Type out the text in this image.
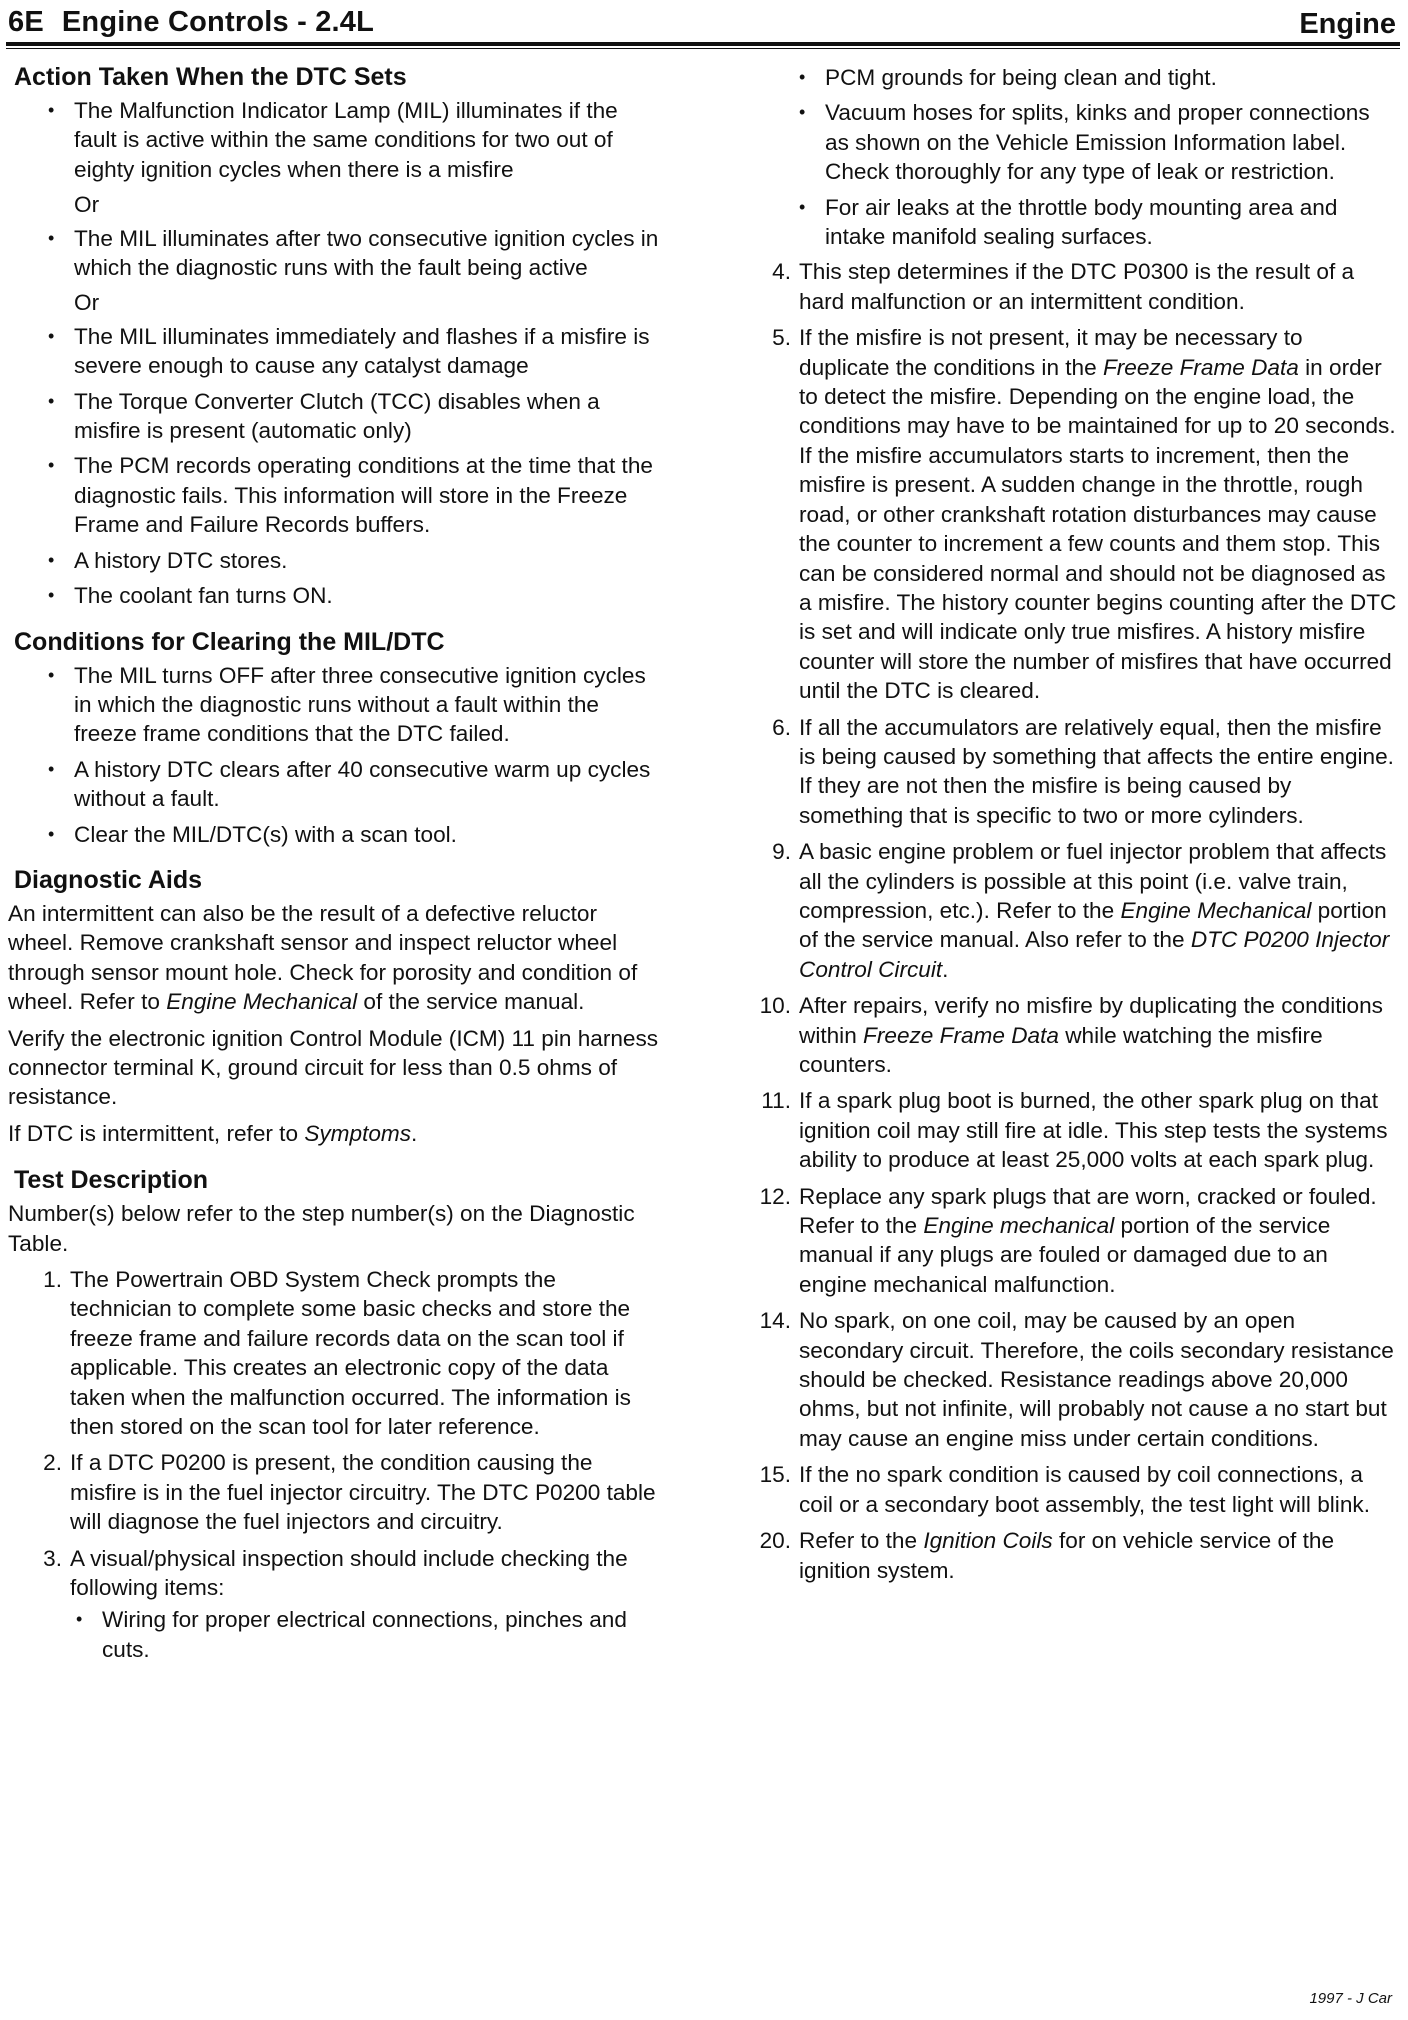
6E Engine Controls - 2.4L	Engine
Action Taken When the DTC Sets
• The Malfunction Indicator Lamp (MIL) illuminates if the fault is active within the same conditions for two out of eighty ignition cycles when there is a misfire
Or
• The MIL illuminates after two consecutive ignition cycles in which the diagnostic runs with the fault being active
Or
• The MIL illuminates immediately and flashes if a misfire is severe enough to cause any catalyst damage
• The Torque Converter Clutch (TCC) disables when a misfire is present (automatic only)
• The PCM records operating conditions at the time that the diagnostic fails. This information will store in the Freeze Frame and Failure Records buffers.
• A history DTC stores.
• The coolant fan turns ON.
Conditions for Clearing the MIL/DTC
• The MIL turns OFF after three consecutive ignition cycles in which the diagnostic runs without a fault within the freeze frame conditions that the DTC failed.
• A history DTC clears after 40 consecutive warm up cycles without a fault.
• Clear the MIL/DTC(s) with a scan tool.
Diagnostic Aids

An intermittent can also be the result of a defective reluctor wheel. Remove crankshaft sensor and inspect reluctor wheel through sensor mount hole. Check for porosity and condition of wheel. Refer to Engine Mechanical of the service manual.

Verify the electronic ignition Control Module (ICM) 11 pin harness connector terminal K, ground circuit for less than 0.5 ohms of resistance.

If DTC is intermittent, refer to Symptoms.

Test Description

Number(s) below refer to the step number(s) on the Diagnostic Table.

1. The Powertrain OBD System Check prompts the technician to complete some basic checks and store the freeze frame and failure records data on the scan tool if applicable. This creates an electronic copy of the data taken when the malfunction occurred. The information is then stored on the scan tool for later reference.
2. If a DTC P0200 is present, the condition causing the misfire is in the fuel injector circuitry. The DTC P0200 table will diagnose the fuel injectors and circuitry.
3. A visual/physical inspection should include checking the following items:
• Wiring for proper electrical connections, pinches and cuts.
• PCM grounds for being clean and tight.
• Vacuum hoses for splits, kinks and proper connections as shown on the Vehicle Emission Information label. Check thoroughly for any type of leak or restriction.
• For air leaks at the throttle body mounting area and intake manifold sealing surfaces.
4. This step determines if the DTC P0300 is the result of a hard malfunction or an intermittent condition.
5. If the misfire is not present, it may be necessary to duplicate the conditions in the Freeze Frame Data in order to detect the misfire. Depending on the engine load, the conditions may have to be maintained for up to 20 seconds. If the misfire accumulators starts to increment, then the misfire is present. A sudden change in the throttle, rough road, or other crankshaft rotation disturbances may cause the counter to increment a few counts and them stop. This can be considered normal and should not be diagnosed as a misfire. The history counter begins counting after the DTC is set and will indicate only true misfires. A history misfire counter will store the number of misfires that have occurred until the DTC is cleared.
6. If all the accumulators are relatively equal, then the misfire is being caused by something that affects the entire engine. If they are not then the misfire is being caused by something that is specific to two or more cylinders.
9. A basic engine problem or fuel injector problem that affects all the cylinders is possible at this point (i.e. valve train, compression, etc.). Refer to the Engine Mechanical portion of the service manual. Also refer to the DTC P0200 Injector Control Circuit.
10. After repairs, verify no misfire by duplicating the conditions within Freeze Frame Data while watching the misfire counters.
11. If a spark plug boot is burned, the other spark plug on that ignition coil may still fire at idle. This step tests the systems ability to produce at least 25,000 volts at each spark plug.
12. Replace any spark plugs that are worn, cracked or fouled. Refer to the Engine mechanical portion of the service manual if any plugs are fouled or damaged due to an engine mechanical malfunction.
14. No spark, on one coil, may be caused by an open secondary circuit. Therefore, the coils secondary resistance should be checked. Resistance readings above 20,000 ohms, but not infinite, will probably not cause a no start but may cause an engine miss under certain conditions.
15. If the no spark condition is caused by coil connections, a coil or a secondary boot assembly, the test light will blink.
20. Refer to the Ignition Coils for on vehicle service of the ignition system.
1997 - J Car
